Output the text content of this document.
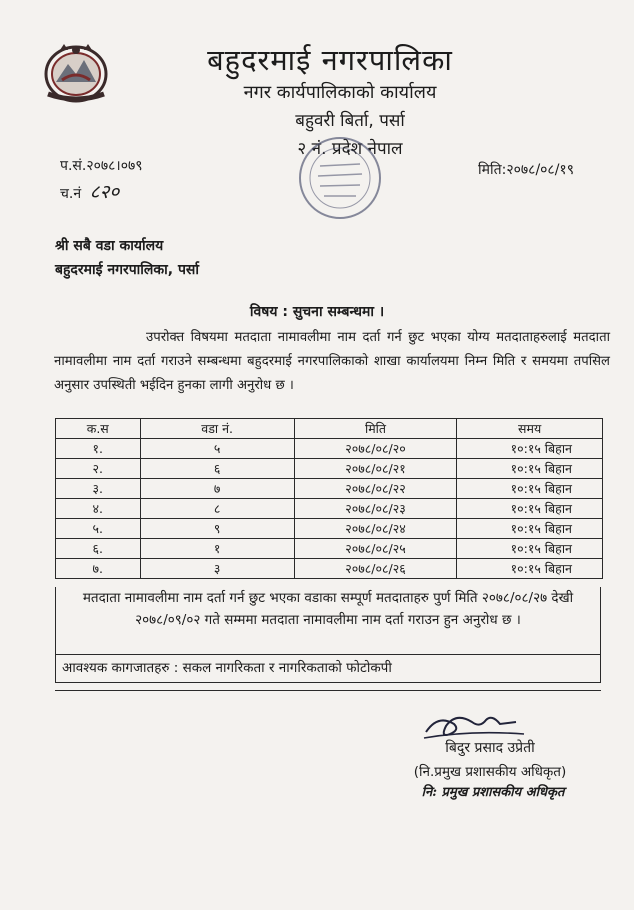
बहुदरमाई नगरपालिका
नगर कार्यपालिकाको कार्यालय
बहुवरी बिर्ता, पर्सा
२ नं. प्रदेश नेपाल
प.सं.२०७८।०७९
च.नं ८२०
मिति:२०७८/०८/१९
श्री सबै वडा कार्यालय
बहुदरमाई नगरपालिका, पर्सा
विषय : सुचना सम्बन्धमा ।
उपरोक्त विषयमा मतदाता नामावलीमा नाम दर्ता गर्न छुट भएका योग्य मतदाताहरुलाई मतदाता नामावलीमा नाम दर्ता गराउने सम्बन्धमा बहुदरमाई नगरपालिकाको शाखा कार्यालयमा निम्न मिति र समयमा तपसिल अनुसार उपस्थिती भईदिन हुनका लागी अनुरोध छ ।
क.स	वडा नं.	मिति	समय
१.	५	२०७८/०८/२०	१०:१५ बिहान
२.	६	२०७८/०८/२१	१०:१५ बिहान
३.	७	२०७८/०८/२२	१०:१५ बिहान
४.	८	२०७८/०८/२३	१०:१५ बिहान
५.	९	२०७८/०८/२४	१०:१५ बिहान
६.	१	२०७८/०८/२५	१०:१५ बिहान
७.	३	२०७८/०८/२६	१०:१५ बिहान
मतदाता नामावलीमा नाम दर्ता गर्न छुट भएका वडाका सम्पूर्ण मतदाताहरु पुर्ण मिति २०७८/०८/२७ देखी २०७८/०९/०२ गते सम्ममा मतदाता नामावलीमा नाम दर्ता गराउन हुन अनुरोध छ ।
आवश्यक कागजातहरु : सकल नागरिकता र नागरिकताको फोटोकपी
बिदुर प्रसाद उप्रेती
(नि.प्रमुख प्रशासकीय अधिकृत)
नि: प्रमुख प्रशासकीय अधिकृत
